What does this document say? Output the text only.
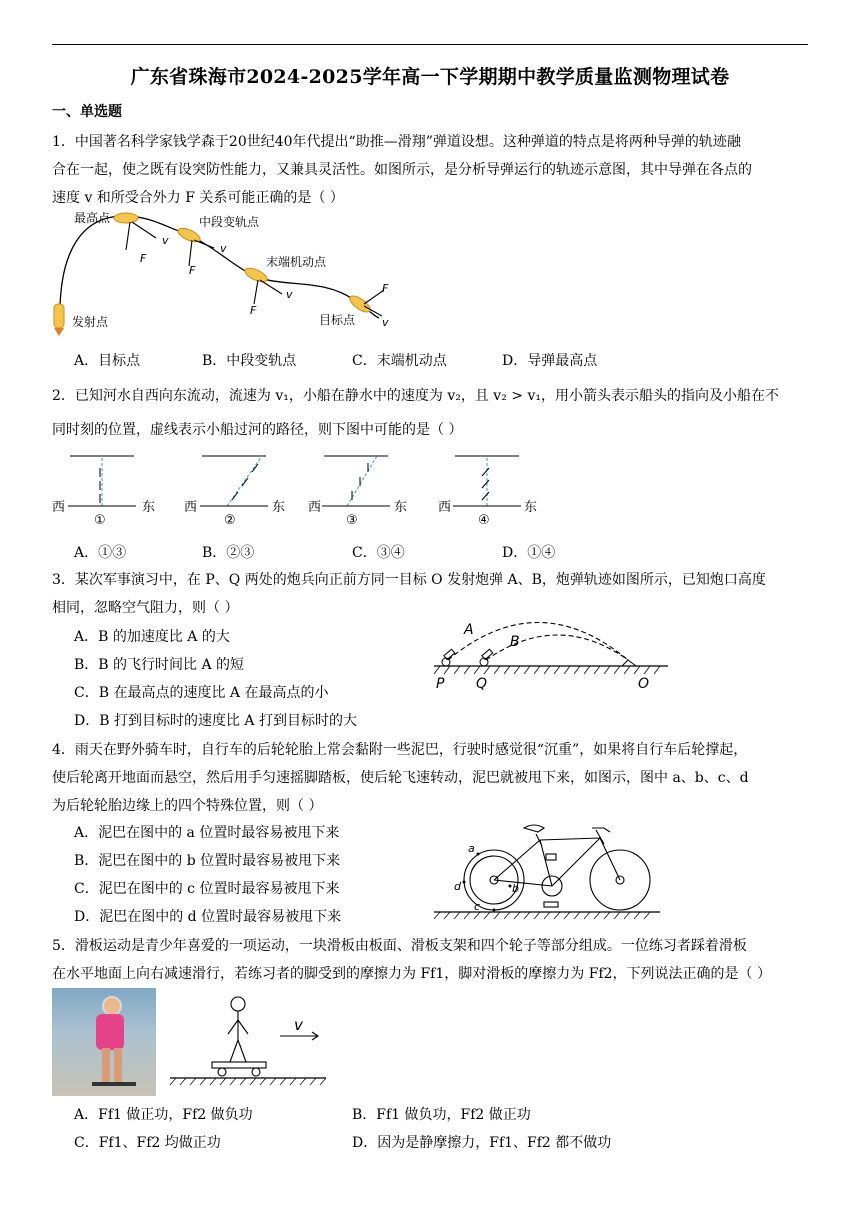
广东省珠海市2024-2025学年高一下学期期中教学质量监测物理试卷
一、单选题
1．中国著名科学家钱学森于20世纪40年代提出“助推—滑翔”弹道设想。这种弹道的特点是将两种导弹的轨迹融
合在一起，使之既有设突防性能力，又兼具灵活性。如图所示，是分析导弹运行的轨迹示意图，其中导弹在各点的
速度 v 和所受合外力 F 关系可能正确的是（ ）
最高点	中段变轨点
末端机动点
目标点
发射点
v
F
v
F
v
F
v
F
A．目标点	B．中段变轨点	C．末端机动点	D．导弹最高点
2．已知河水自西向东流动，流速为 v₁，小船在静水中的速度为 v₂，且 v₂ > v₁，用小箭头表示船头的指向及小船在不
同时刻的位置，虚线表示小船过河的路径，则下图中可能的是（ ）
西	东 西	东 西	东 西	东
①	②	③	④
A．①③	B．②③	C．③④	D．①④
3．某次军事演习中，在 P、Q 两处的炮兵向正前方同一目标 O 发射炮弹 A、B，炮弹轨迹如图所示，已知炮口高度
相同，忽略空气阻力，则（ ）
A．B 的加速度比 A 的大
B．B 的飞行时间比 A 的短
C．B 在最高点的速度比 A 在最高点的小
D．B 打到目标时的速度比 A 打到目标时的大
A
B
P Q	O
4．雨天在野外骑车时，自行车的后轮轮胎上常会黏附一些泥巴，行驶时感觉很“沉重”，如果将自行车后轮撑起，
使后轮离开地面而悬空，然后用手匀速摇脚踏板，使后轮飞速转动，泥巴就被甩下来，如图示，图中 a、b、c、d
为后轮轮胎边缘上的四个特殊位置，则（ ）
A．泥巴在图中的 a 位置时最容易被甩下来
B．泥巴在图中的 b 位置时最容易被甩下来
C．泥巴在图中的 c 位置时最容易被甩下来
D．泥巴在图中的 d 位置时最容易被甩下来
a
b
c
d
5．滑板运动是青少年喜爱的一项运动，一块滑板由板面、滑板支架和四个轮子等部分组成。一位练习者踩着滑板
在水平地面上向右减速滑行，若练习者的脚受到的摩擦力为 Ff1，脚对滑板的摩擦力为 Ff2，下列说法正确的是（ ）
v
A．Ff1 做正功，Ff2 做负功	B．Ff1 做负功，Ff2 做正功
C．Ff1、Ff2 均做正功	D．因为是静摩擦力，Ff1、Ff2 都不做功
